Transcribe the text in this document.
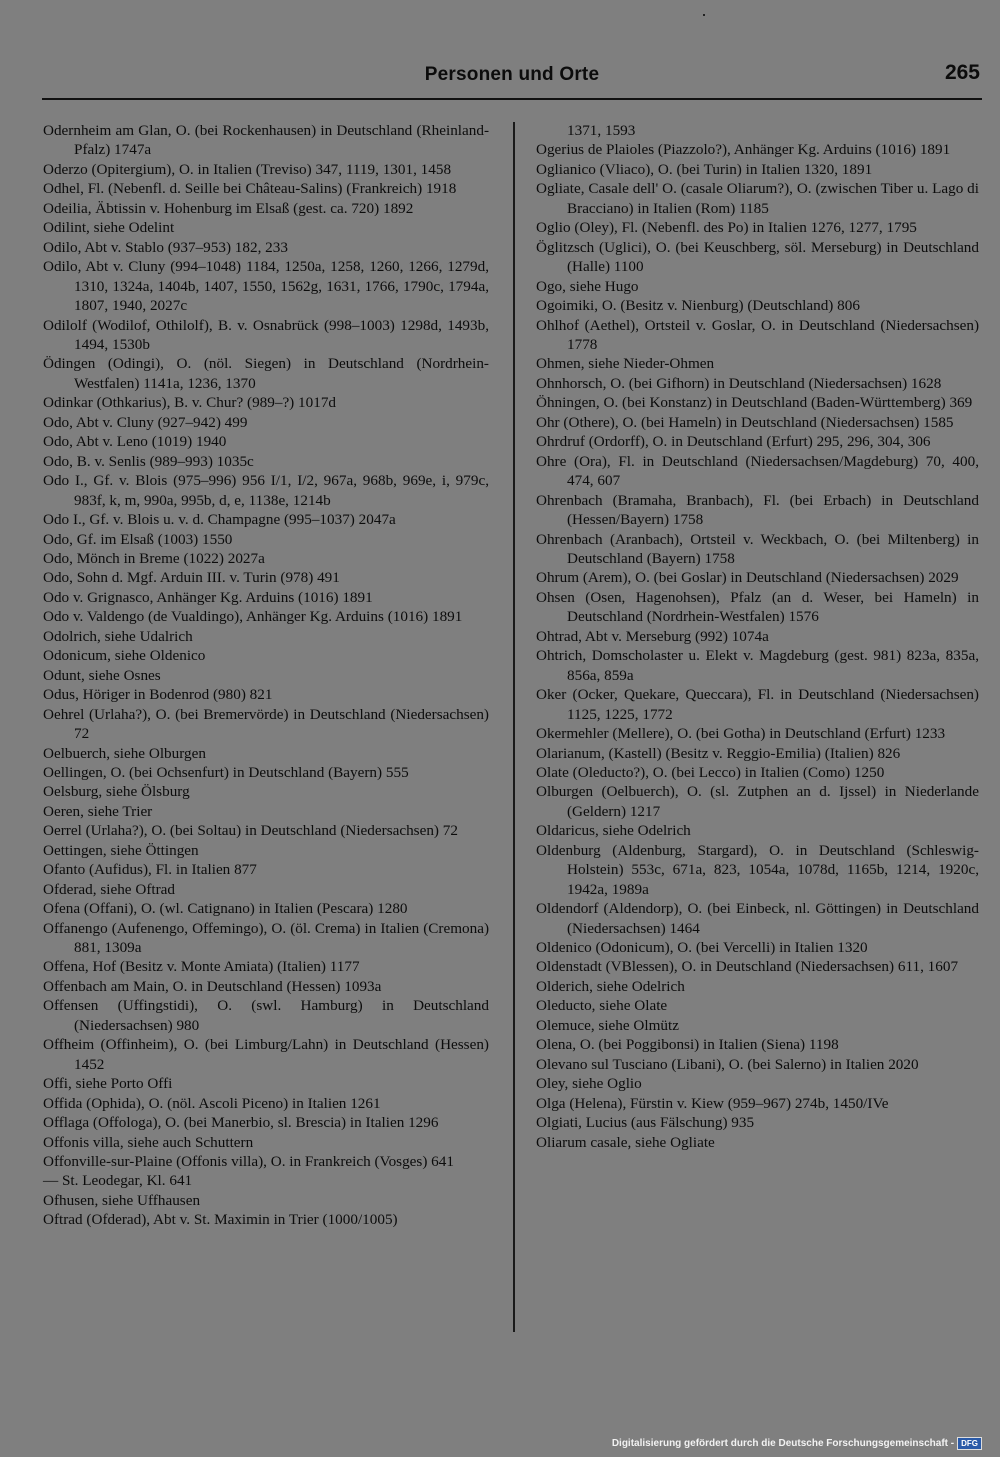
Personen und Orte	265

Odernheim am Glan, O. (bei Rockenhausen) in Deutschland (Rheinland-Pfalz) 1747a

Oderzo (Opitergium), O. in Italien (Treviso) 347, 1119, 1301, 1458

Odhel, Fl. (Nebenfl. d. Seille bei Château-Salins) (Frankreich) 1918

Odeilia, Äbtissin v. Hohenburg im Elsaß (gest. ca. 720) 1892

Odilint, siehe Odelint

Odilo, Abt v. Stablo (937–953) 182, 233

Odilo, Abt v. Cluny (994–1048) 1184, 1250a, 1258, 1260, 1266, 1279d, 1310, 1324a, 1404b, 1407, 1550, 1562g, 1631, 1766, 1790c, 1794a, 1807, 1940, 2027c

Odilolf (Wodilof, Othilolf), B. v. Osnabrück (998–1003) 1298d, 1493b, 1494, 1530b

Ödingen (Odingi), O. (nöl. Siegen) in Deutschland (Nordrhein-Westfalen) 1141a, 1236, 1370

Odinkar (Othkarius), B. v. Chur? (989–?) 1017d

Odo, Abt v. Cluny (927–942) 499

Odo, Abt v. Leno (1019) 1940

Odo, B. v. Senlis (989–993) 1035c

Odo I., Gf. v. Blois (975–996) 956 I/1, I/2, 967a, 968b, 969e, i, 979c, 983f, k, m, 990a, 995b, d, e, 1138e, 1214b

Odo I., Gf. v. Blois u. v. d. Champagne (995–1037) 2047a

Odo, Gf. im Elsaß (1003) 1550

Odo, Mönch in Breme (1022) 2027a

Odo, Sohn d. Mgf. Arduin III. v. Turin (978) 491

Odo v. Grignasco, Anhänger Kg. Arduins (1016) 1891

Odo v. Valdengo (de Vualdingo), Anhänger Kg. Arduins (1016) 1891

Odolrich, siehe Udalrich

Odonicum, siehe Oldenico

Odunt, siehe Osnes

Odus, Höriger in Bodenrod (980) 821

Oehrel (Urlaha?), O. (bei Bremervörde) in Deutschland (Niedersachsen) 72

Oelbuerch, siehe Olburgen

Oellingen, O. (bei Ochsenfurt) in Deutschland (Bayern) 555

Oelsburg, siehe Ölsburg

Oeren, siehe Trier

Oerrel (Urlaha?), O. (bei Soltau) in Deutschland (Niedersachsen) 72

Oettingen, siehe Öttingen

Ofanto (Aufidus), Fl. in Italien 877

Ofderad, siehe Oftrad

Ofena (Offani), O. (wl. Catignano) in Italien (Pescara) 1280

Offanengo (Aufenengo, Offemingo), O. (öl. Crema) in Italien (Cremona) 881, 1309a

Offena, Hof (Besitz v. Monte Amiata) (Italien) 1177

Offenbach am Main, O. in Deutschland (Hessen) 1093a

Offensen (Uffingstidi), O. (swl. Hamburg) in Deutschland (Niedersachsen) 980

Offheim (Offinheim), O. (bei Limburg/Lahn) in Deutschland (Hessen) 1452

Offi, siehe Porto Offi

Offida (Ophida), O. (nöl. Ascoli Piceno) in Italien 1261

Offlaga (Offologa), O. (bei Manerbio, sl. Brescia) in Italien 1296

Offonis villa, siehe auch Schuttern

Offonville-sur-Plaine (Offonis villa), O. in Frankreich (Vosges) 641

— St. Leodegar, Kl. 641

Ofhusen, siehe Uffhausen

Oftrad (Ofderad), Abt v. St. Maximin in Trier (1000/1005)

1371, 1593

Ogerius de Plaioles (Piazzolo?), Anhänger Kg. Arduins (1016) 1891

Oglianico (Vliaco), O. (bei Turin) in Italien 1320, 1891

Ogliate, Casale dell' O. (casale Oliarum?), O. (zwischen Tiber u. Lago di Bracciano) in Italien (Rom) 1185

Oglio (Oley), Fl. (Nebenfl. des Po) in Italien 1276, 1277, 1795

Öglitzsch (Uglici), O. (bei Keuschberg, söl. Merseburg) in Deutschland (Halle) 1100

Ogo, siehe Hugo

Ogoimiki, O. (Besitz v. Nienburg) (Deutschland) 806

Ohlhof (Aethel), Ortsteil v. Goslar, O. in Deutschland (Niedersachsen) 1778

Ohmen, siehe Nieder-Ohmen

Ohnhorsch, O. (bei Gifhorn) in Deutschland (Niedersachsen) 1628

Öhningen, O. (bei Konstanz) in Deutschland (Baden-Württemberg) 369

Ohr (Othere), O. (bei Hameln) in Deutschland (Niedersachsen) 1585

Ohrdruf (Ordorff), O. in Deutschland (Erfurt) 295, 296, 304, 306

Ohre (Ora), Fl. in Deutschland (Niedersachsen/Magdeburg) 70, 400, 474, 607

Ohrenbach (Bramaha, Branbach), Fl. (bei Erbach) in Deutschland (Hessen/Bayern) 1758

Ohrenbach (Aranbach), Ortsteil v. Weckbach, O. (bei Miltenberg) in Deutschland (Bayern) 1758

Ohrum (Arem), O. (bei Goslar) in Deutschland (Niedersachsen) 2029

Ohsen (Osen, Hagenohsen), Pfalz (an d. Weser, bei Hameln) in Deutschland (Nordrhein-Westfalen) 1576

Ohtrad, Abt v. Merseburg (992) 1074a

Ohtrich, Domscholaster u. Elekt v. Magdeburg (gest. 981) 823a, 835a, 856a, 859a

Oker (Ocker, Quekare, Queccara), Fl. in Deutschland (Niedersachsen) 1125, 1225, 1772

Okermehler (Mellere), O. (bei Gotha) in Deutschland (Erfurt) 1233

Olarianum, (Kastell) (Besitz v. Reggio-Emilia) (Italien) 826

Olate (Oleducto?), O. (bei Lecco) in Italien (Como) 1250

Olburgen (Oelbuerch), O. (sl. Zutphen an d. Ijssel) in Niederlande (Geldern) 1217

Oldaricus, siehe Odelrich

Oldenburg (Aldenburg, Stargard), O. in Deutschland (Schleswig-Holstein) 553c, 671a, 823, 1054a, 1078d, 1165b, 1214, 1920c, 1942a, 1989a

Oldendorf (Aldendorp), O. (bei Einbeck, nl. Göttingen) in Deutschland (Niedersachsen) 1464

Oldenico (Odonicum), O. (bei Vercelli) in Italien 1320

Oldenstadt (VBlessen), O. in Deutschland (Niedersachsen) 611, 1607

Olderich, siehe Odelrich

Oleducto, siehe Olate

Olemuce, siehe Olmütz

Olena, O. (bei Poggibonsi) in Italien (Siena) 1198

Olevano sul Tusciano (Libani), O. (bei Salerno) in Italien 2020

Oley, siehe Oglio

Olga (Helena), Fürstin v. Kiew (959–967) 274b, 1450/IVe

Olgiati, Lucius (aus Fälschung) 935

Oliarum casale, siehe Ogliate

Digitalisierung gefördert durch die Deutsche Forschungsgemeinschaft - DFG
